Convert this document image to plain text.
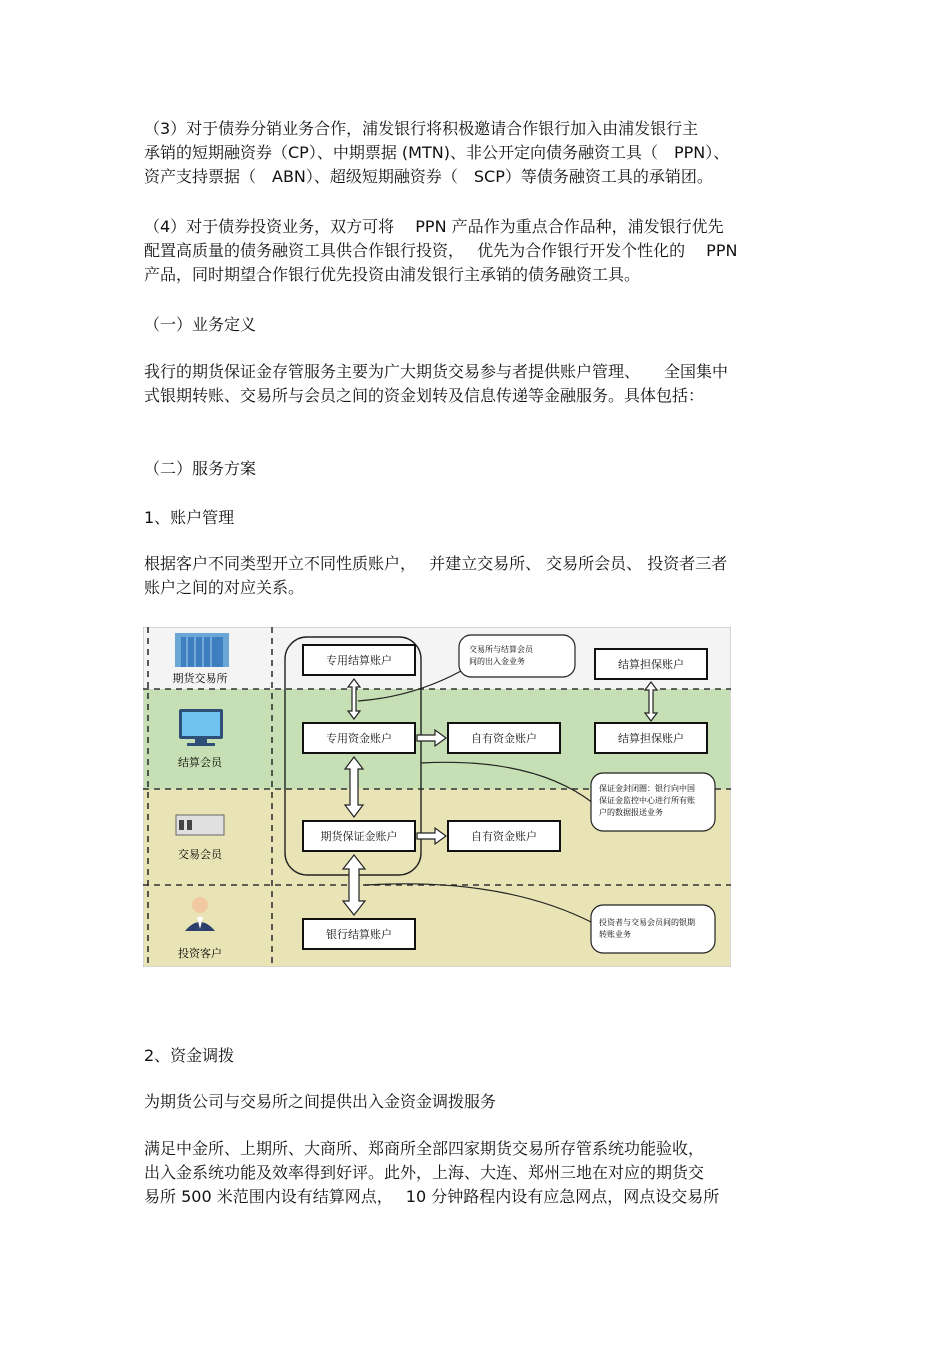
（3）对于债券分销业务合作，浦发银行将积极邀请合作银行加入由浦发银行主
承销的短期融资券（CP）、中期票据 (MTN)、非公开定向债务融资工具（　PPN）、
资产支持票据（　ABN）、超级短期融资券（　SCP）等债务融资工具的承销团。
（4）对于债券投资业务，双方可将　 PPN 产品作为重点合作品种，浦发银行优先
配置高质量的债务融资工具供合作银行投资，　 优先为合作银行开发个性化的　 PPN
产品，同时期望合作银行优先投资由浦发银行主承销的债务融资工具。
（一）业务定义
我行的期货保证金存管服务主要为广大期货交易参与者提供账户管理、　　全国集中
式银期转账、交易所与会员之间的资金划转及信息传递等金融服务。具体包括：
（二）服务方案
1、账户管理
根据客户不同类型开立不同性质账户，　 并建立交易所、 交易所会员、 投资者三者
账户之间的对应关系。
期货交易所
结算会员
交易会员
投资客户
专用结算账户	结算担保账户
专用资金账户	自有资金账户	结算担保账户
期货保证金账户	自有资金账户
银行结算账户
交易所与结算会员
间的出入金业务
保证金封闭圈：银行向中国
保证金监控中心进行所有账
户的数据报送业务
投资者与交易会员间的银期
转账业务
2、资金调拨
为期货公司与交易所之间提供出入金资金调拨服务
满足中金所、上期所、大商所、郑商所全部四家期货交易所存管系统功能验收，
出入金系统功能及效率得到好评。此外，上海、大连、郑州三地在对应的期货交
易所 500 米范围内设有结算网点，　 10 分钟路程内设有应急网点，网点设交易所
